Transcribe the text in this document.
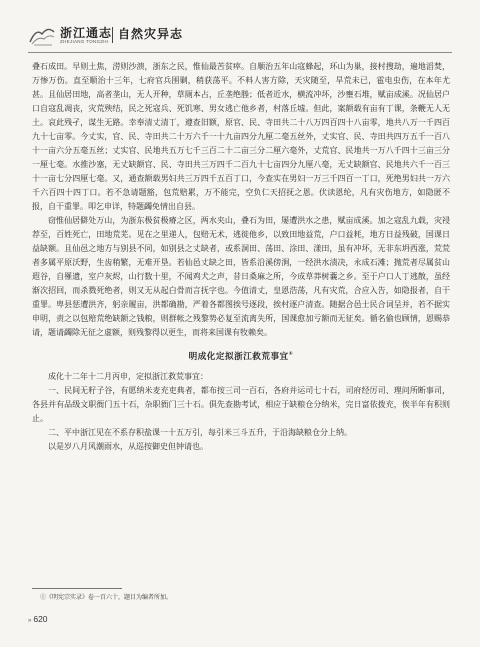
浙江通志
ZHEJIANG TONGZHI
自然灾异志

叠石成田。早则土焦，涝则沙溃，浙东之民，惟仙最苦贫瘁。自顺治五年山寇蜂起，环山为巢，接村搜劫，遍地滔焚，万惨万伤。直至顺治十三年，七府官兵围剿，稍获荡平。不料人害方除，天灾随至，旱荒未已，雹电虫伤，在本年尤甚。且仙居田地，高者垄山，无人开种，草厕本占，丘垄绝塍；低者近水，横流冲坏，沙壅石堆，赋亩成溪。况仙居户口自寇乱凋丧，灾荒殃结，民之死寇兵、死饥寒、男女逃亡他乡者，村落丘墟。但此，案额载有亩有丁课，条鞭无人无土。哀此残孑，谋生无路。幸奉清丈清丁，遵查旧额，原官、民、寺田共二十八万四百四十八亩零，地共八万一千四百九十七亩零。今丈实，官、民、寺田共二十万六千一十九亩四分九厘二毫五丝外，丈实官、民、寺田共四万五千一百八十一亩六分五毫五丝；丈实官、民地共五万七千三百二十二亩三分二厘六毫外，丈荒官、民地共一万八千四十三亩三分一厘七毫。水推沙塞，无丈缺额官、民、寺田共三万四千二百九十七亩四分九厘八毫，无丈缺额官、民地共六千一百三十一亩七分四厘七毫。又，通查额载男妇共三万四千五百丁口，今查实在男妇一万三千四百一丁口，死绝男妇共一万六千六百四十四丁口。若不急请题豁，包荒赔累，万不能完，空负仁天招抚之恩。伏读恩纶，凡有灾伤地方，如隐匿不报，自干重罪。叩乞申详，特题蠲免情出自县。

窃惟仙居僻处万山，为浙东极贫极瘠之区，两水夹山，叠石为田，屡遭洪水之患，赋亩成溪。加之寇乱九载，灾祲荐至，百姓死亡，田地荒芜。见在之里递人，包赔无术，逃徙他乡，以致田地益荒，户口益耗，地方日益残破，国课日益缺额。且仙邑之地方与别县不同，如别县之丈缺者，或系洞田、荡田、涂田、漾田，虽有冲坏，无非东坍西涨，荒荒者多属平原沃野，生齿稍繁，无难开垦。若仙邑丈缺之田，皆系沿溪傍涧，一经洪水渍决，永成石滩；抛荒者尽属贫山遐谷，自罹遗，室户灰烬，山行数十里，不闻鸡犬之声，昔日桑麻之所，今成草莽树蘘之乡。至于户口人丁逃散，虽经渐次招回，而杀戮死绝者，则又无从起白骨而言抚字也。今值清丈，皇恩浩荡，凡有灾荒，合应入告，如隐报者，自干重罪。卑县惩遭洪齐，躬亲履亩，洪都确勘，严着各都图挨号逐段，挨村逐户清查。随据合邑士民合词呈并，若不据实申明，责之以包赔荒绝缺额之钱粮，则群帐之残黎势必复至流离失所，国课愈加亏额而无征矣。循名偷也顾情，恩赐恭请，题请蠲除无征之虚额，则残黎得以更生，而将来国课有牧赖矣。

明成化定拟浙江救荒事宜①

成化十二年十二月丙申，定拟浙江救荒事宜：

一、民间无籽子谷，有愿纳米麦充吏典者，都布按三司一百石，各府并运司七十石，司府经厉司、理问所断事司，各县并有品级文职衙门五十石，杂职衙门三十石。俱先查勘考试，相应于缺粮仓分纳米，完日富依拨充，俟半年有积则止。

二、平中浙江见在不系存积盐课一十五万引，每引米三斗五升，于沿海缺粮仓分上纳。

以是岁八月风潮雨水，从巡按御史但钟请也。

①《明宪宗实录》卷一百六十，题目为编者所加。
» 620
